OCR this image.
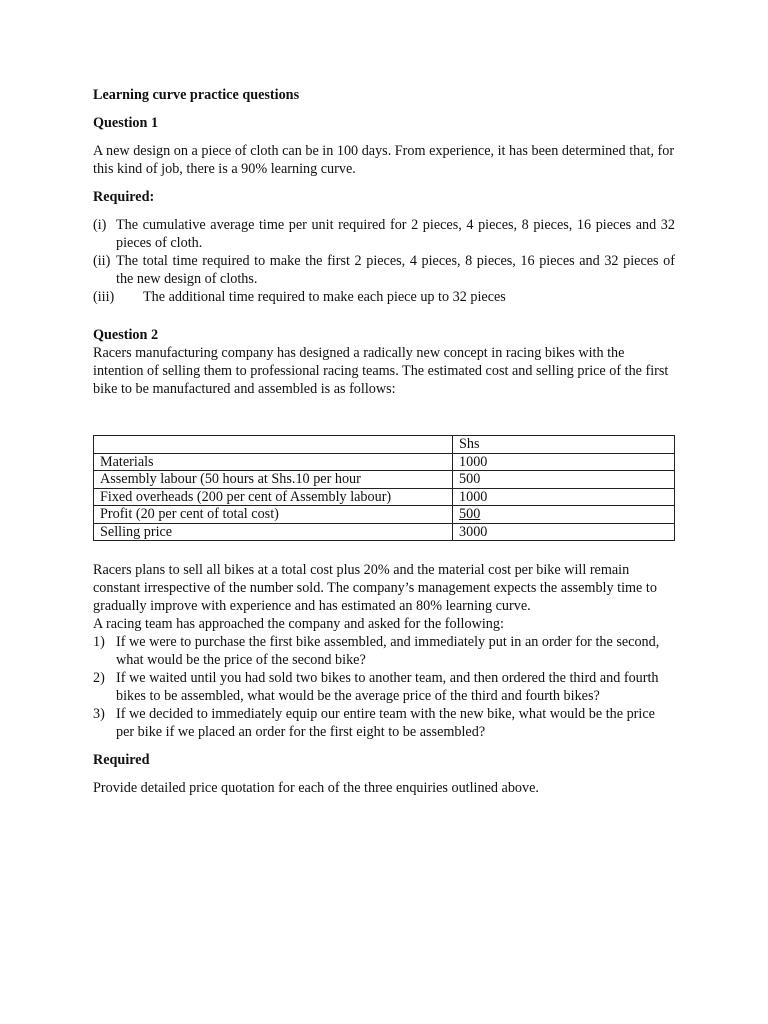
Learning curve practice questions

Question 1

A new design on a piece of cloth can be in 100 days. From experience, it has been determined that, for this kind of job, there is a 90% learning curve.

Required:

(i) The cumulative average time per unit required for 2 pieces, 4 pieces, 8 pieces, 16 pieces and 32 pieces of cloth.
(ii) The total time required to make the first 2 pieces, 4 pieces, 8 pieces, 16 pieces and 32 pieces of the new design of cloths.
(iii)	The additional time required to make each piece up to 32 pieces

Question 2

Racers manufacturing company has designed a radically new concept in racing bikes with the intention of selling them to professional racing teams. The estimated cost and selling price of the first bike to be manufactured and assembled is as follows:

	Shs
Materials	1000
Assembly labour (50 hours at Shs.10 per hour	500
Fixed overheads (200 per cent of Assembly labour)	1000
Profit (20 per cent of total cost)	500
Selling price	3000

Racers plans to sell all bikes at a total cost plus 20% and the material cost per bike will remain constant irrespective of the number sold. The company’s management expects the assembly time to gradually improve with experience and has estimated an 80% learning curve.

A racing team has approached the company and asked for the following:

1) If we were to purchase the first bike assembled, and immediately put in an order for the second, what would be the price of the second bike?
2) If we waited until you had sold two bikes to another team, and then ordered the third and fourth bikes to be assembled, what would be the average price of the third and fourth bikes?
3) If we decided to immediately equip our entire team with the new bike, what would be the price per bike if we placed an order for the first eight to be assembled?

Required

Provide detailed price quotation for each of the three enquiries outlined above.
